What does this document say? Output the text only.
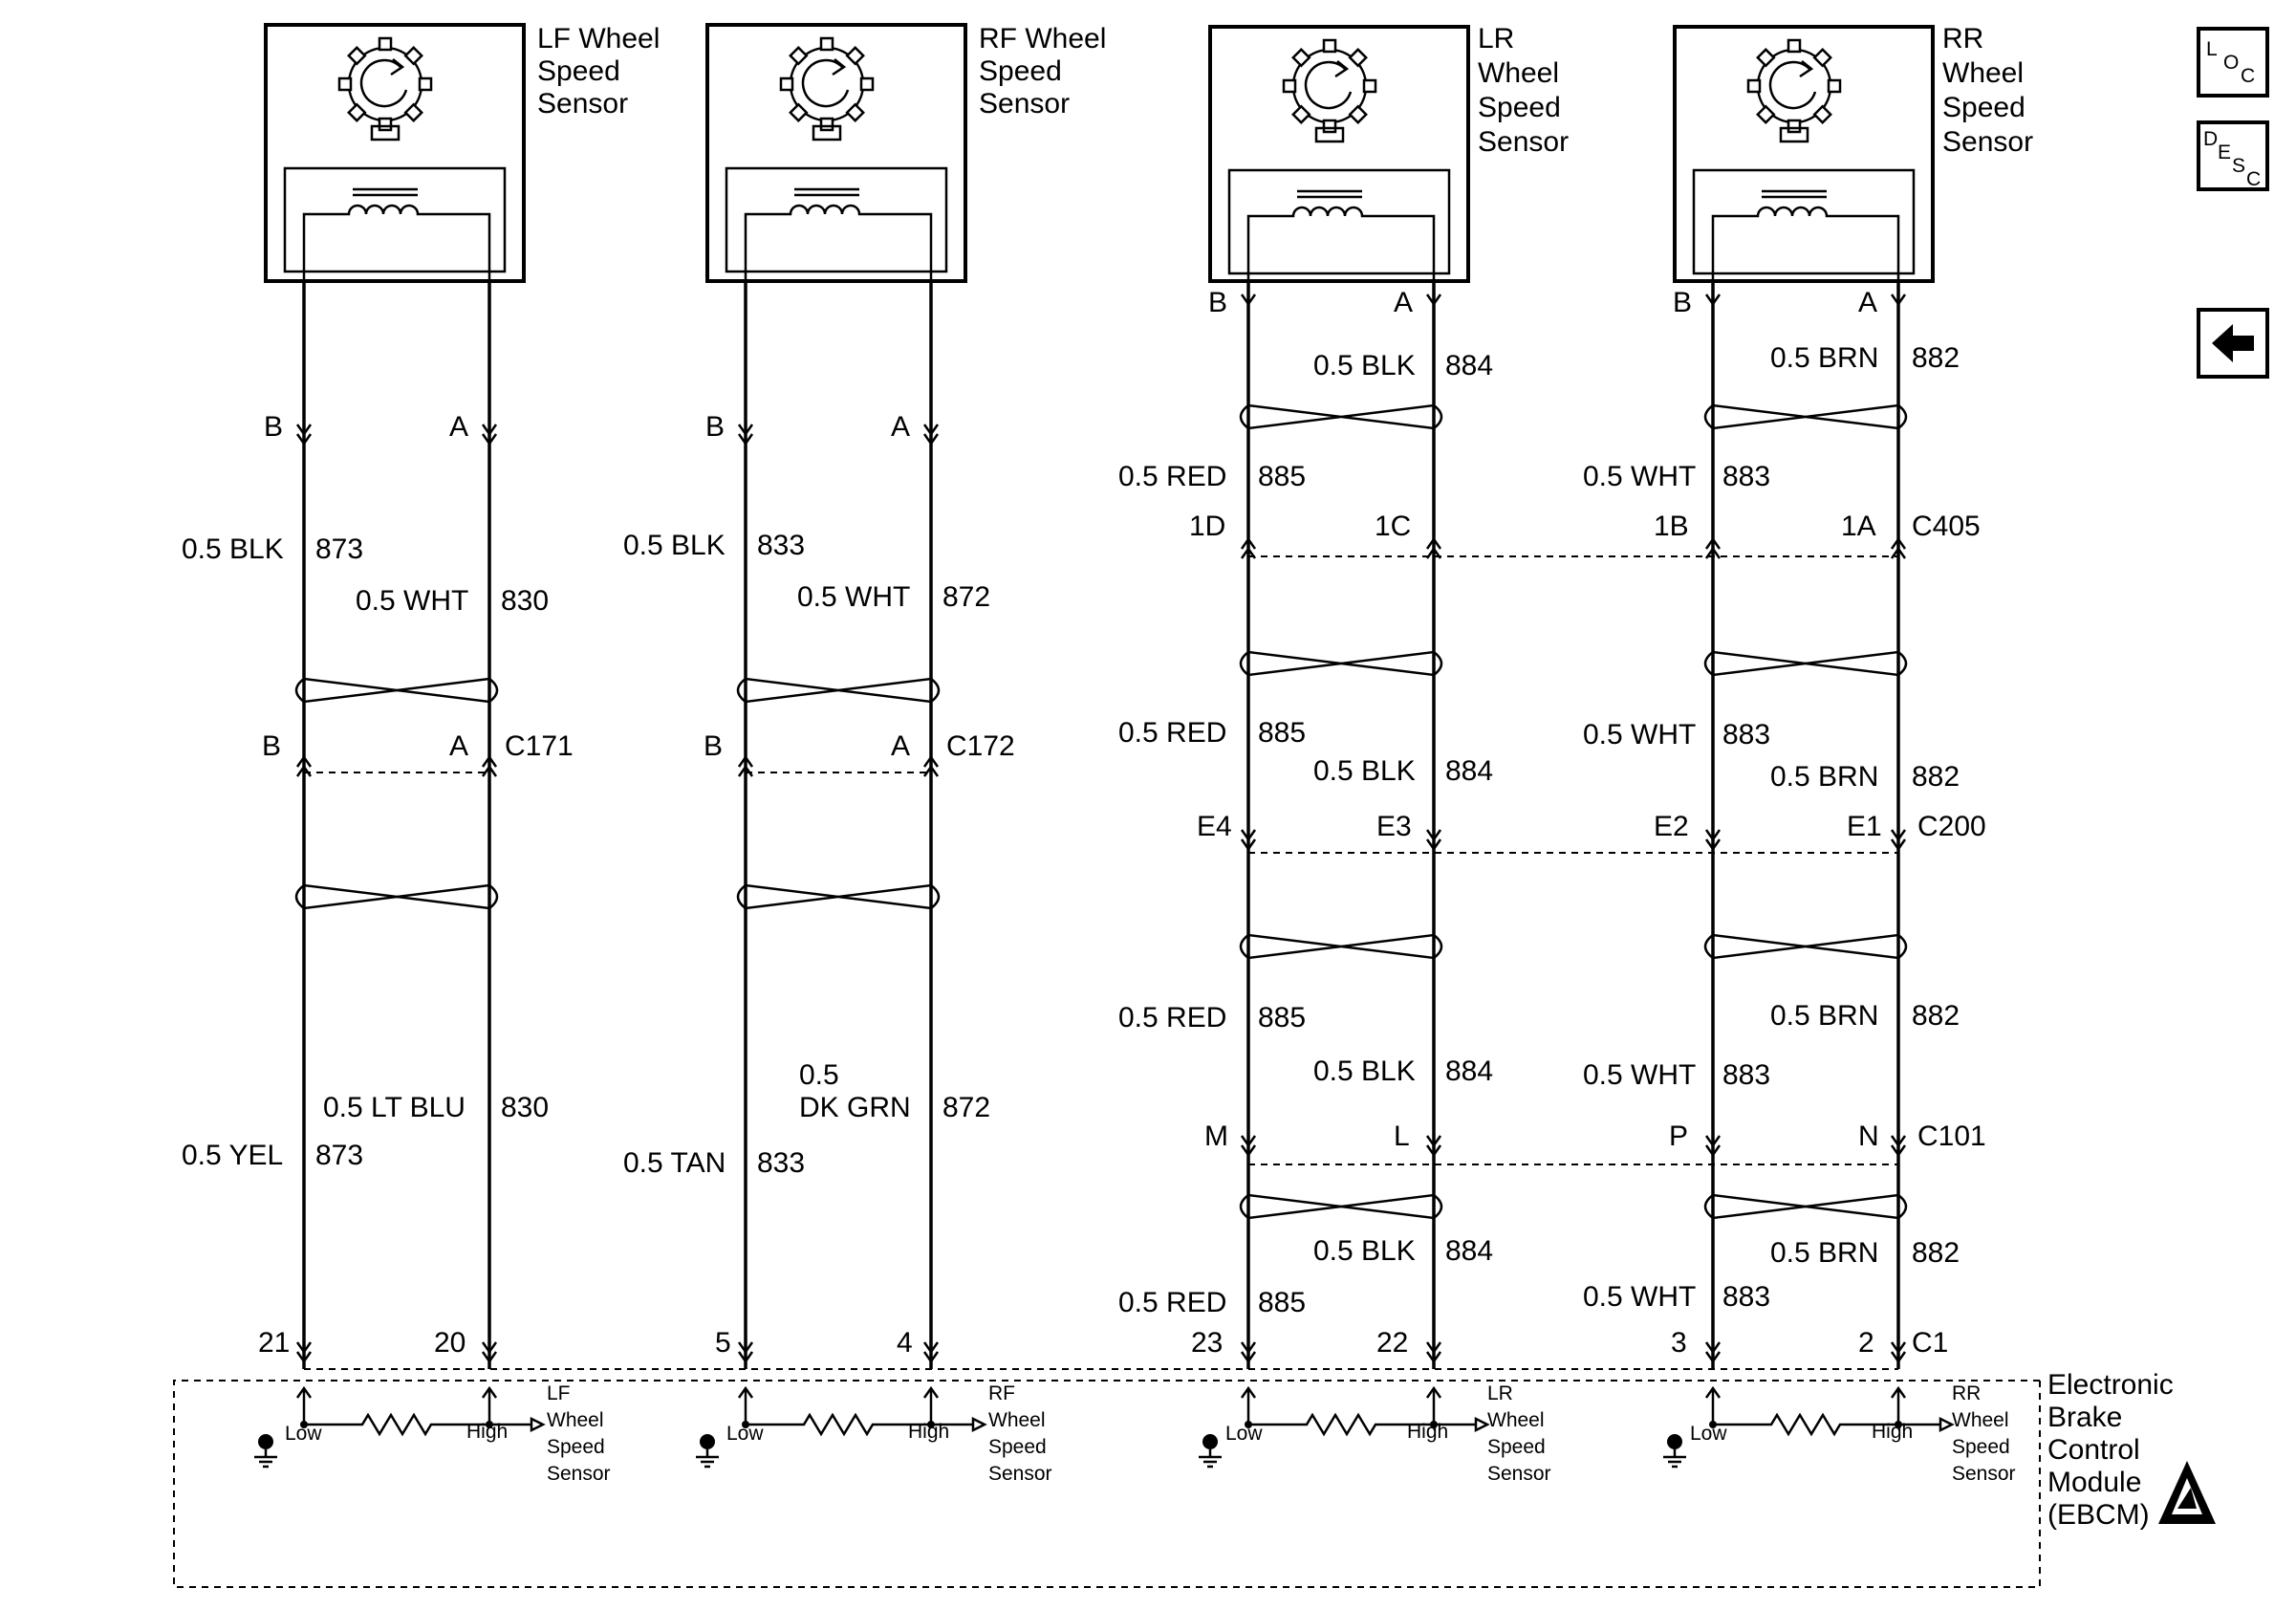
L
O
C
D
E
S
C
Electronic
Brake
Control
Module
(EBCM)
C1
C171	C172
C405
C200
C101
LF Wheel
Speed
Sensor
B	A
0.5 BLK 873
0.5 WHT 830
B	A
0.5 LT BLU 830
0.5 YEL 873
21	20
Low	High
LF
Wheel
Speed
Sensor
RF Wheel
Speed
Sensor
B	A
0.5 BLK 833
0.5 WHT 872
B	A
0.5
DK GRN 872
0.5 TAN 833
5	4
Low	High
RF
Wheel
Speed
Sensor
LR
Wheel
Speed
Sensor
B	A
0.5 BLK 884
0.5 RED 885
1D	1C
0.5 RED 885
0.5 BLK 884
E4	E3
0.5 RED 885
0.5 BLK 884
M	L
0.5 BLK 884
0.5 RED 885
23	22
Low	High
LR
Wheel
Speed
Sensor
RR
Wheel
Speed
Sensor
B	A
0.5 BRN 882
0.5 WHT 883
1B	1A
0.5 WHT 883
0.5 BRN 882
E2	E1
0.5 BRN 882
0.5 WHT 883
P	N
0.5 BRN 882
0.5 WHT 883
3	2
Low	High
RR
Wheel
Speed
Sensor
